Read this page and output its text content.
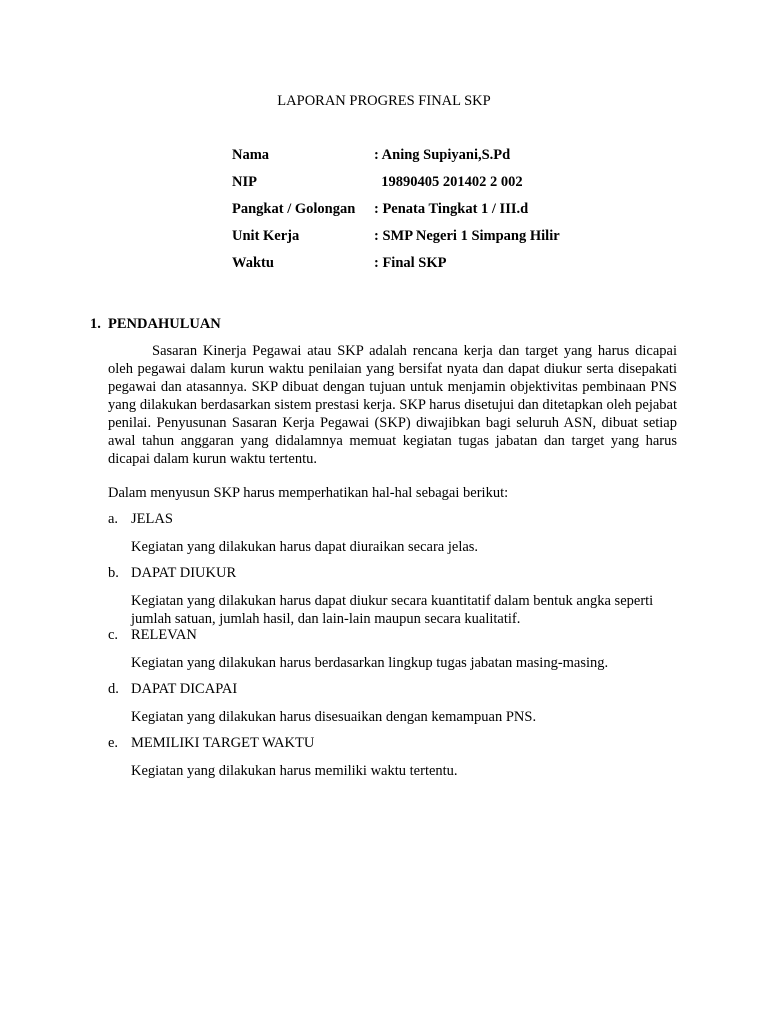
LAPORAN PROGRES FINAL SKP
Nama	: Aning Supiyani,S.Pd
NIP	19890405 201402 2 002
Pangkat / Golongan : Penata Tingkat 1 / III.d
Unit Kerja	: SMP Negeri 1 Simpang Hilir
Waktu	: Final SKP
1. PENDAHULUAN
Sasaran Kinerja Pegawai atau SKP adalah rencana kerja dan target yang harus dicapai oleh pegawai dalam kurun waktu penilaian yang bersifat nyata dan dapat diukur serta disepakati pegawai dan atasannya. SKP dibuat dengan tujuan untuk menjamin objektivitas pembinaan PNS yang dilakukan berdasarkan sistem prestasi kerja. SKP harus disetujui dan ditetapkan oleh pejabat penilai. Penyusunan Sasaran Kerja Pegawai (SKP) diwajibkan bagi seluruh ASN, dibuat setiap awal tahun anggaran yang didalamnya memuat kegiatan tugas jabatan dan target yang harus dicapai dalam kurun waktu tertentu.
Dalam menyusun SKP harus memperhatikan hal-hal sebagai berikut:
a. JELAS
Kegiatan yang dilakukan harus dapat diuraikan secara jelas.
b. DAPAT DIUKUR
Kegiatan yang dilakukan harus dapat diukur secara kuantitatif dalam bentuk angka seperti jumlah satuan, jumlah hasil, dan lain-lain maupun secara kualitatif.
c. RELEVAN
Kegiatan yang dilakukan harus berdasarkan lingkup tugas jabatan masing-masing.
d. DAPAT DICAPAI
Kegiatan yang dilakukan harus disesuaikan dengan kemampuan PNS.
e. MEMILIKI TARGET WAKTU
Kegiatan yang dilakukan harus memiliki waktu tertentu.
